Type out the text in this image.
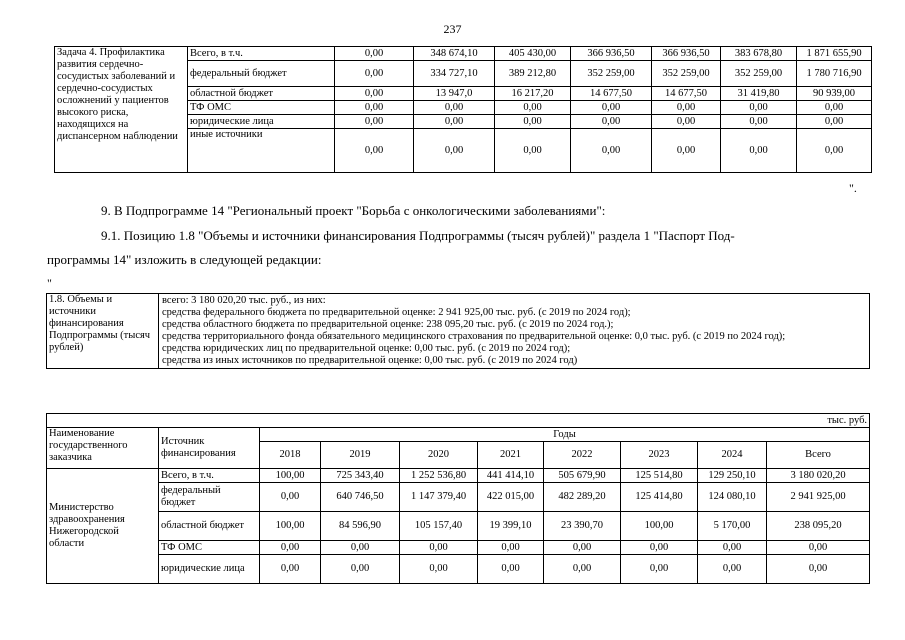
237
Задача 4. Профилактика развития сердечно-сосудистых заболеваний и сердечно-сосудистых осложнений у пациентов высокого риска, находящихся на диспансерном наблюдении	Всего, в т.ч.	0,00	348 674,10	405 430,00	366 936,50	366 936,50	383 678,80	1 871 655,90
	федеральный бюджет	0,00	334 727,10	389 212,80	352 259,00	352 259,00	352 259,00	1 780 716,90
	областной бюджет	0,00	13 947,0	16 217,20	14 677,50	14 677,50	31 419,80	90 939,00
	ТФ ОМС	0,00	0,00	0,00	0,00	0,00	0,00	0,00
	юридические лица	0,00	0,00	0,00	0,00	0,00	0,00	0,00
	иные источники	0,00	0,00	0,00	0,00	0,00	0,00	0,00
".
9. В Подпрограмме 14 "Региональный проект "Борьба с онкологическими заболеваниями":
9.1. Позицию 1.8 "Объемы и источники финансирования Подпрограммы (тысяч рублей)" раздела 1 "Паспорт Под-
программы 14" изложить в следующей редакции:
"
1.8. Объемы и источники финансирования Подпрограммы (тысяч рублей)	
всего: 3 180 020,20 тыс. руб., из них:
средства федерального бюджета по предварительной оценке: 2 941 925,00 тыс. руб. (с 2019 по 2024 год);
средства областного бюджета по предварительной оценке: 238 095,20 тыс. руб. (с 2019 по 2024 год.);
средства территориального фонда обязательного медицинского страхования по предварительной оценке: 0,0 тыс. руб. (с 2019 по 2024 год);
средства юридических лиц по предварительной оценке: 0,00 тыс. руб. (с 2019 по 2024 год);
средства из иных источников по предварительной оценке: 0,00 тыс. руб. (с 2019 по 2024 год)
тыс. руб.									
Наименование государственного заказчика	Источник финансирования	Годы							
		2018	2019	2020	2021	2022	2023	2024	Всего
Министерство здравоохранения Нижегородской области	Всего, в т.ч.	100,00	725 343,40	1 252 536,80	441 414,10	505 679,90	125 514,80	129 250,10	3 180 020,20
	федеральный бюджет	0,00	640 746,50	1 147 379,40	422 015,00	482 289,20	125 414,80	124 080,10	2 941 925,00
	областной бюджет	100,00	84 596,90	105 157,40	19 399,10	23 390,70	100,00	5 170,00	238 095,20
	ТФ ОМС	0,00	0,00	0,00	0,00	0,00	0,00	0,00	0,00
	юридические лица	0,00	0,00	0,00	0,00	0,00	0,00	0,00	0,00
